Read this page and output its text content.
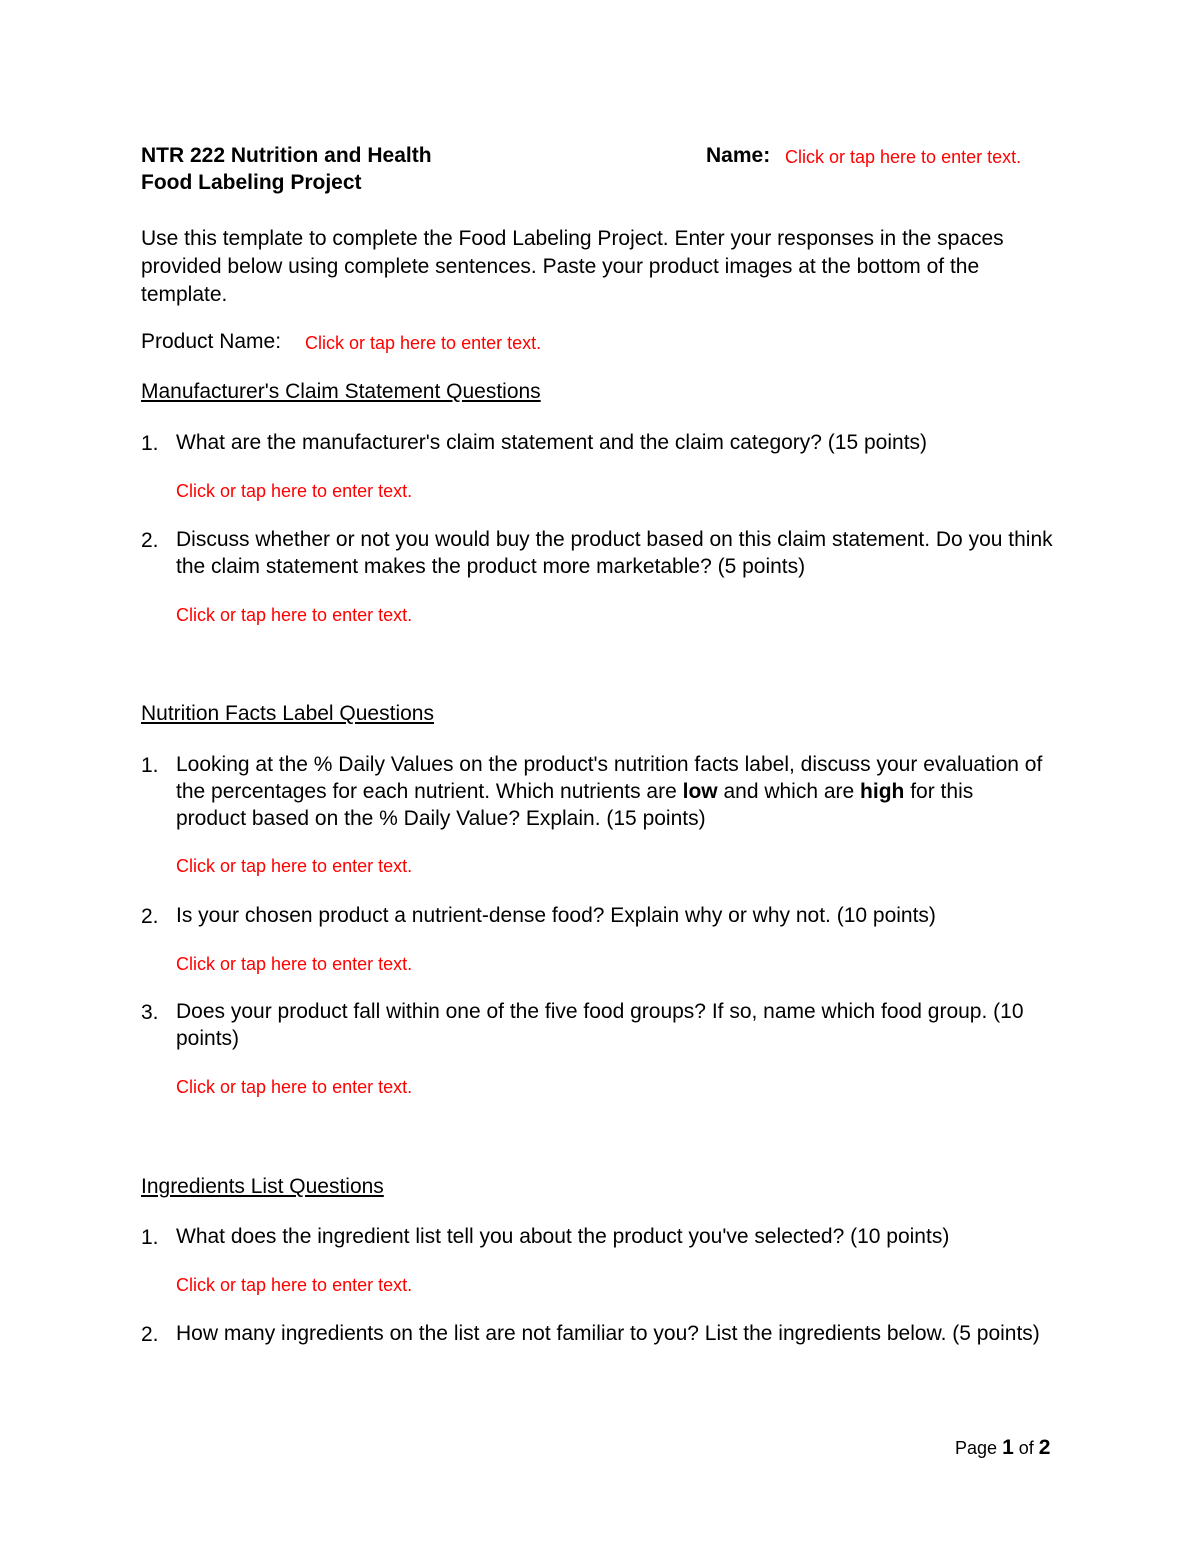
NTR 222 Nutrition and Health
Food Labeling Project
Name: Click or tap here to enter text.
Use this template to complete the Food Labeling Project. Enter your responses in the spaces provided below using complete sentences. Paste your product images at the bottom of the template.
Product Name: Click or tap here to enter text.
Manufacturer's Claim Statement Questions
1. What are the manufacturer's claim statement and the claim category? (15 points)
Click or tap here to enter text.
2. Discuss whether or not you would buy the product based on this claim statement. Do you think the claim statement makes the product more marketable? (5 points)
Click or tap here to enter text.
Nutrition Facts Label Questions
1. Looking at the % Daily Values on the product's nutrition facts label, discuss your evaluation of the percentages for each nutrient. Which nutrients are low and which are high for this product based on the % Daily Value? Explain. (15 points)
Click or tap here to enter text.
2. Is your chosen product a nutrient-dense food? Explain why or why not. (10 points)
Click or tap here to enter text.
3. Does your product fall within one of the five food groups? If so, name which food group. (10 points)
Click or tap here to enter text.
Ingredients List Questions
1. What does the ingredient list tell you about the product you've selected? (10 points)
Click or tap here to enter text.
2. How many ingredients on the list are not familiar to you? List the ingredients below. (5 points)
Page 1 of 2
